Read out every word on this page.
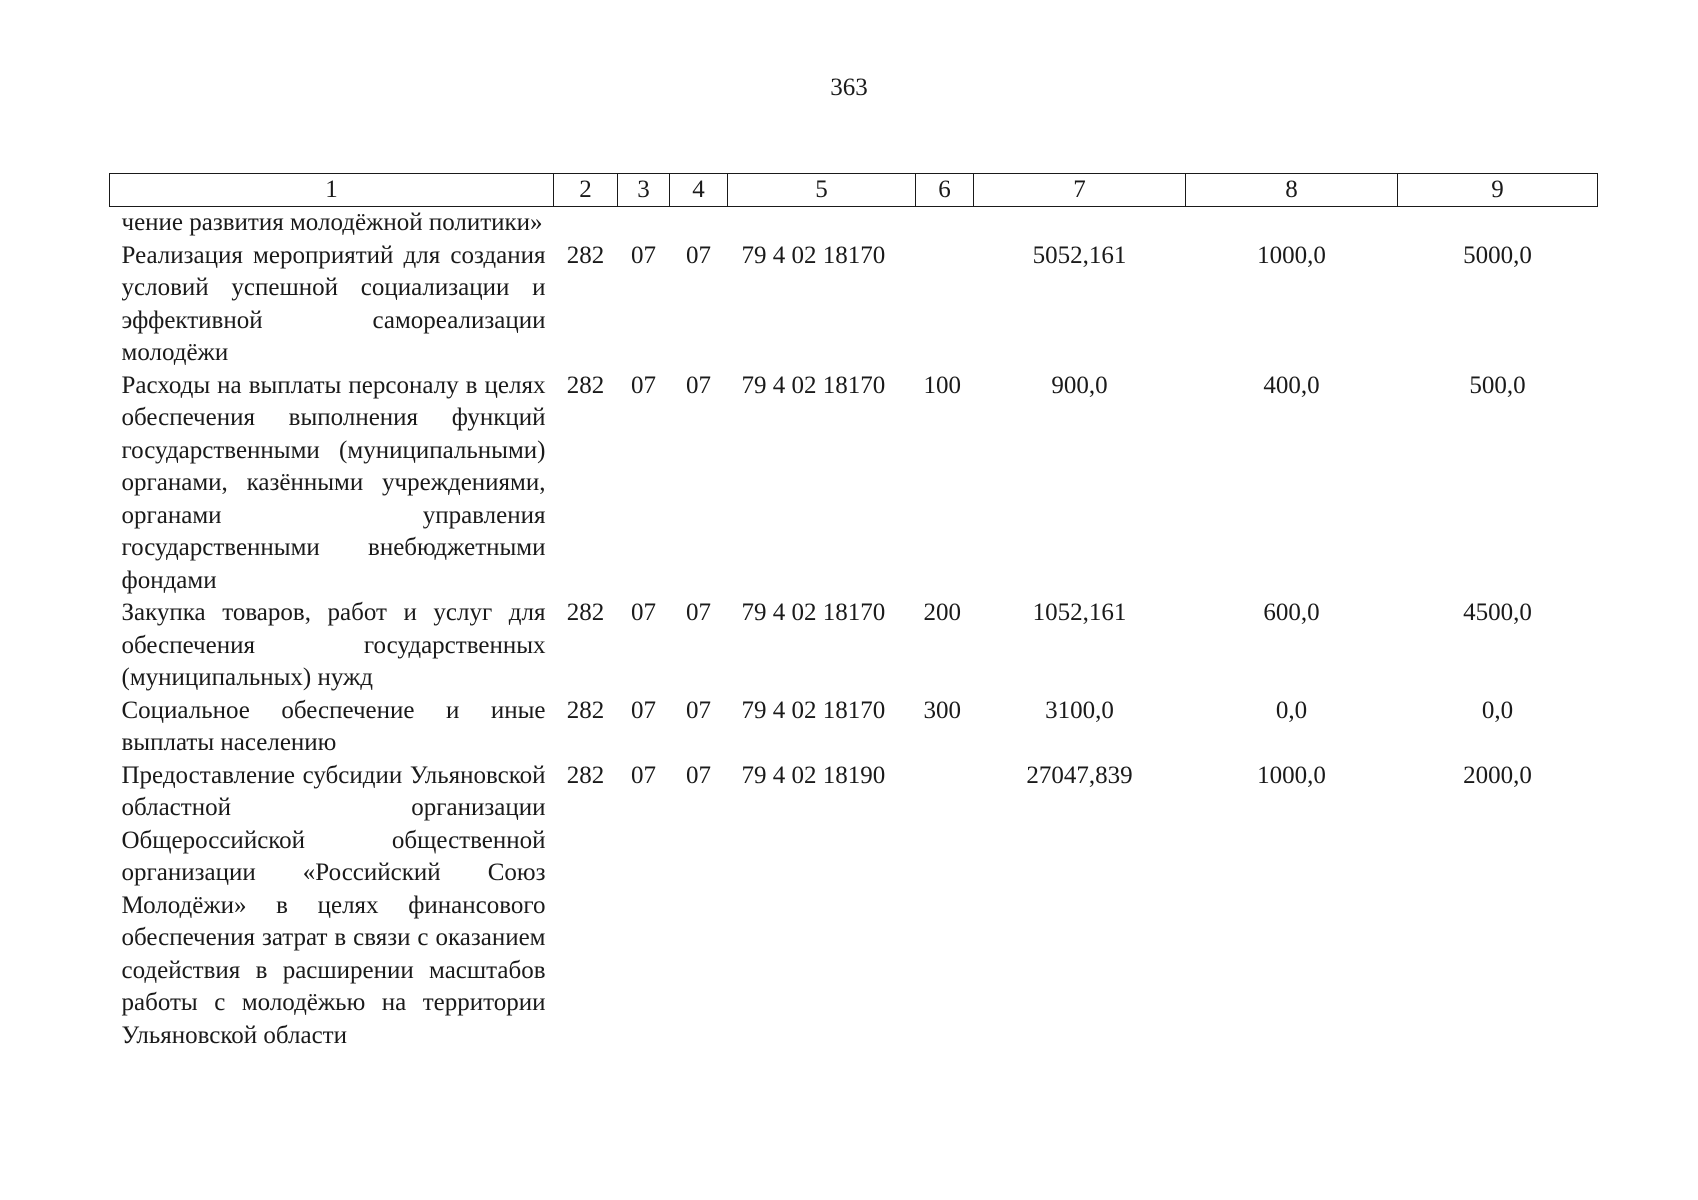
363
1	2	3	4	5	6	7	8	9
чение развития молодёжной политики»								
Реализация мероприятий для создания условий успешной социализации и эффективной самореализации молодёжи	282	07	07	79 4 02 18170		5052,161	1000,0	5000,0
Расходы на выплаты персоналу в целях обеспечения выполнения функций государственными (муниципальными) органами, казёнными учреждениями, органами управления государственными внебюджетными фондами	282	07	07	79 4 02 18170	100	900,0	400,0	500,0
Закупка товаров, работ и услуг для обеспечения государственных (муниципальных) нужд	282	07	07	79 4 02 18170	200	1052,161	600,0	4500,0
Социальное обеспечение и иные выплаты населению	282	07	07	79 4 02 18170	300	3100,0	0,0	0,0
Предоставление субсидии Ульяновской областной организации Общероссийской общественной организации «Российский Союз Молодёжи» в целях финансового обеспечения затрат в связи с оказанием содействия в расширении масштабов работы с молодёжью на территории Ульяновской области	282	07	07	79 4 02 18190		27047,839	1000,0	2000,0
